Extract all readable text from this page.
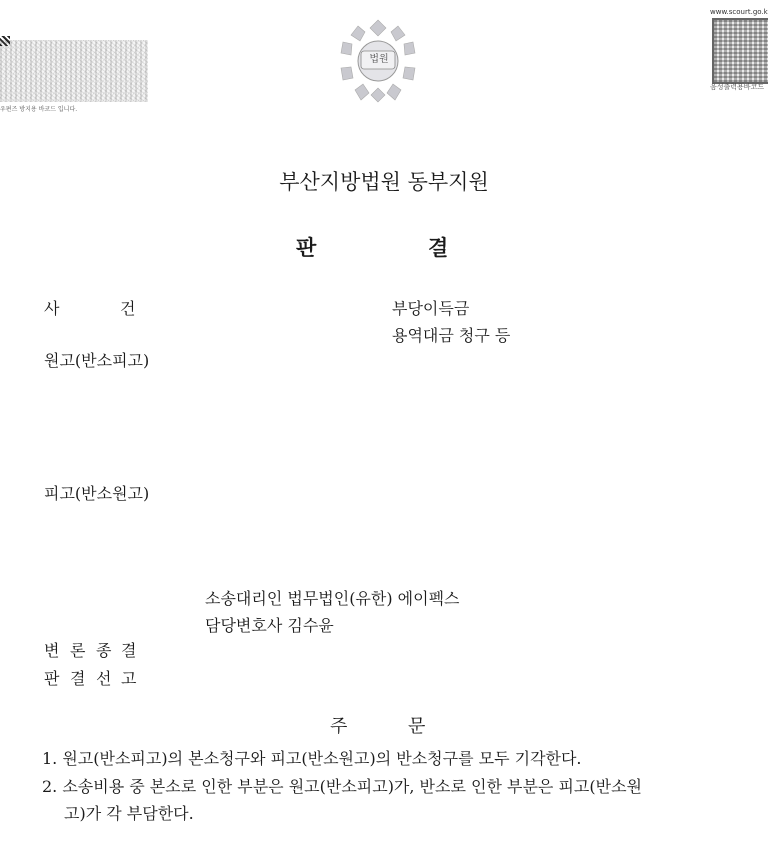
우편즈 방지용 바코드 입니다.
법원
www.scourt.go.k
음성출력용바코드
부산지방법원 동부지원
판	결
사	건	부당이득금
용역대금 청구 등
원고(반소피고)
피고(반소원고)
소송대리인 법무법인(유한) 에이펙스
담당변호사 김수윤
변 론 종 결
판 결 선 고
주	문
1. 원고(반소피고)의 본소청구와 피고(반소원고)의 반소청구를 모두 기각한다.
2. 소송비용 중 본소로 인한 부분은 원고(반소피고)가, 반소로 인한 부분은 피고(반소원
고)가 각 부담한다.
